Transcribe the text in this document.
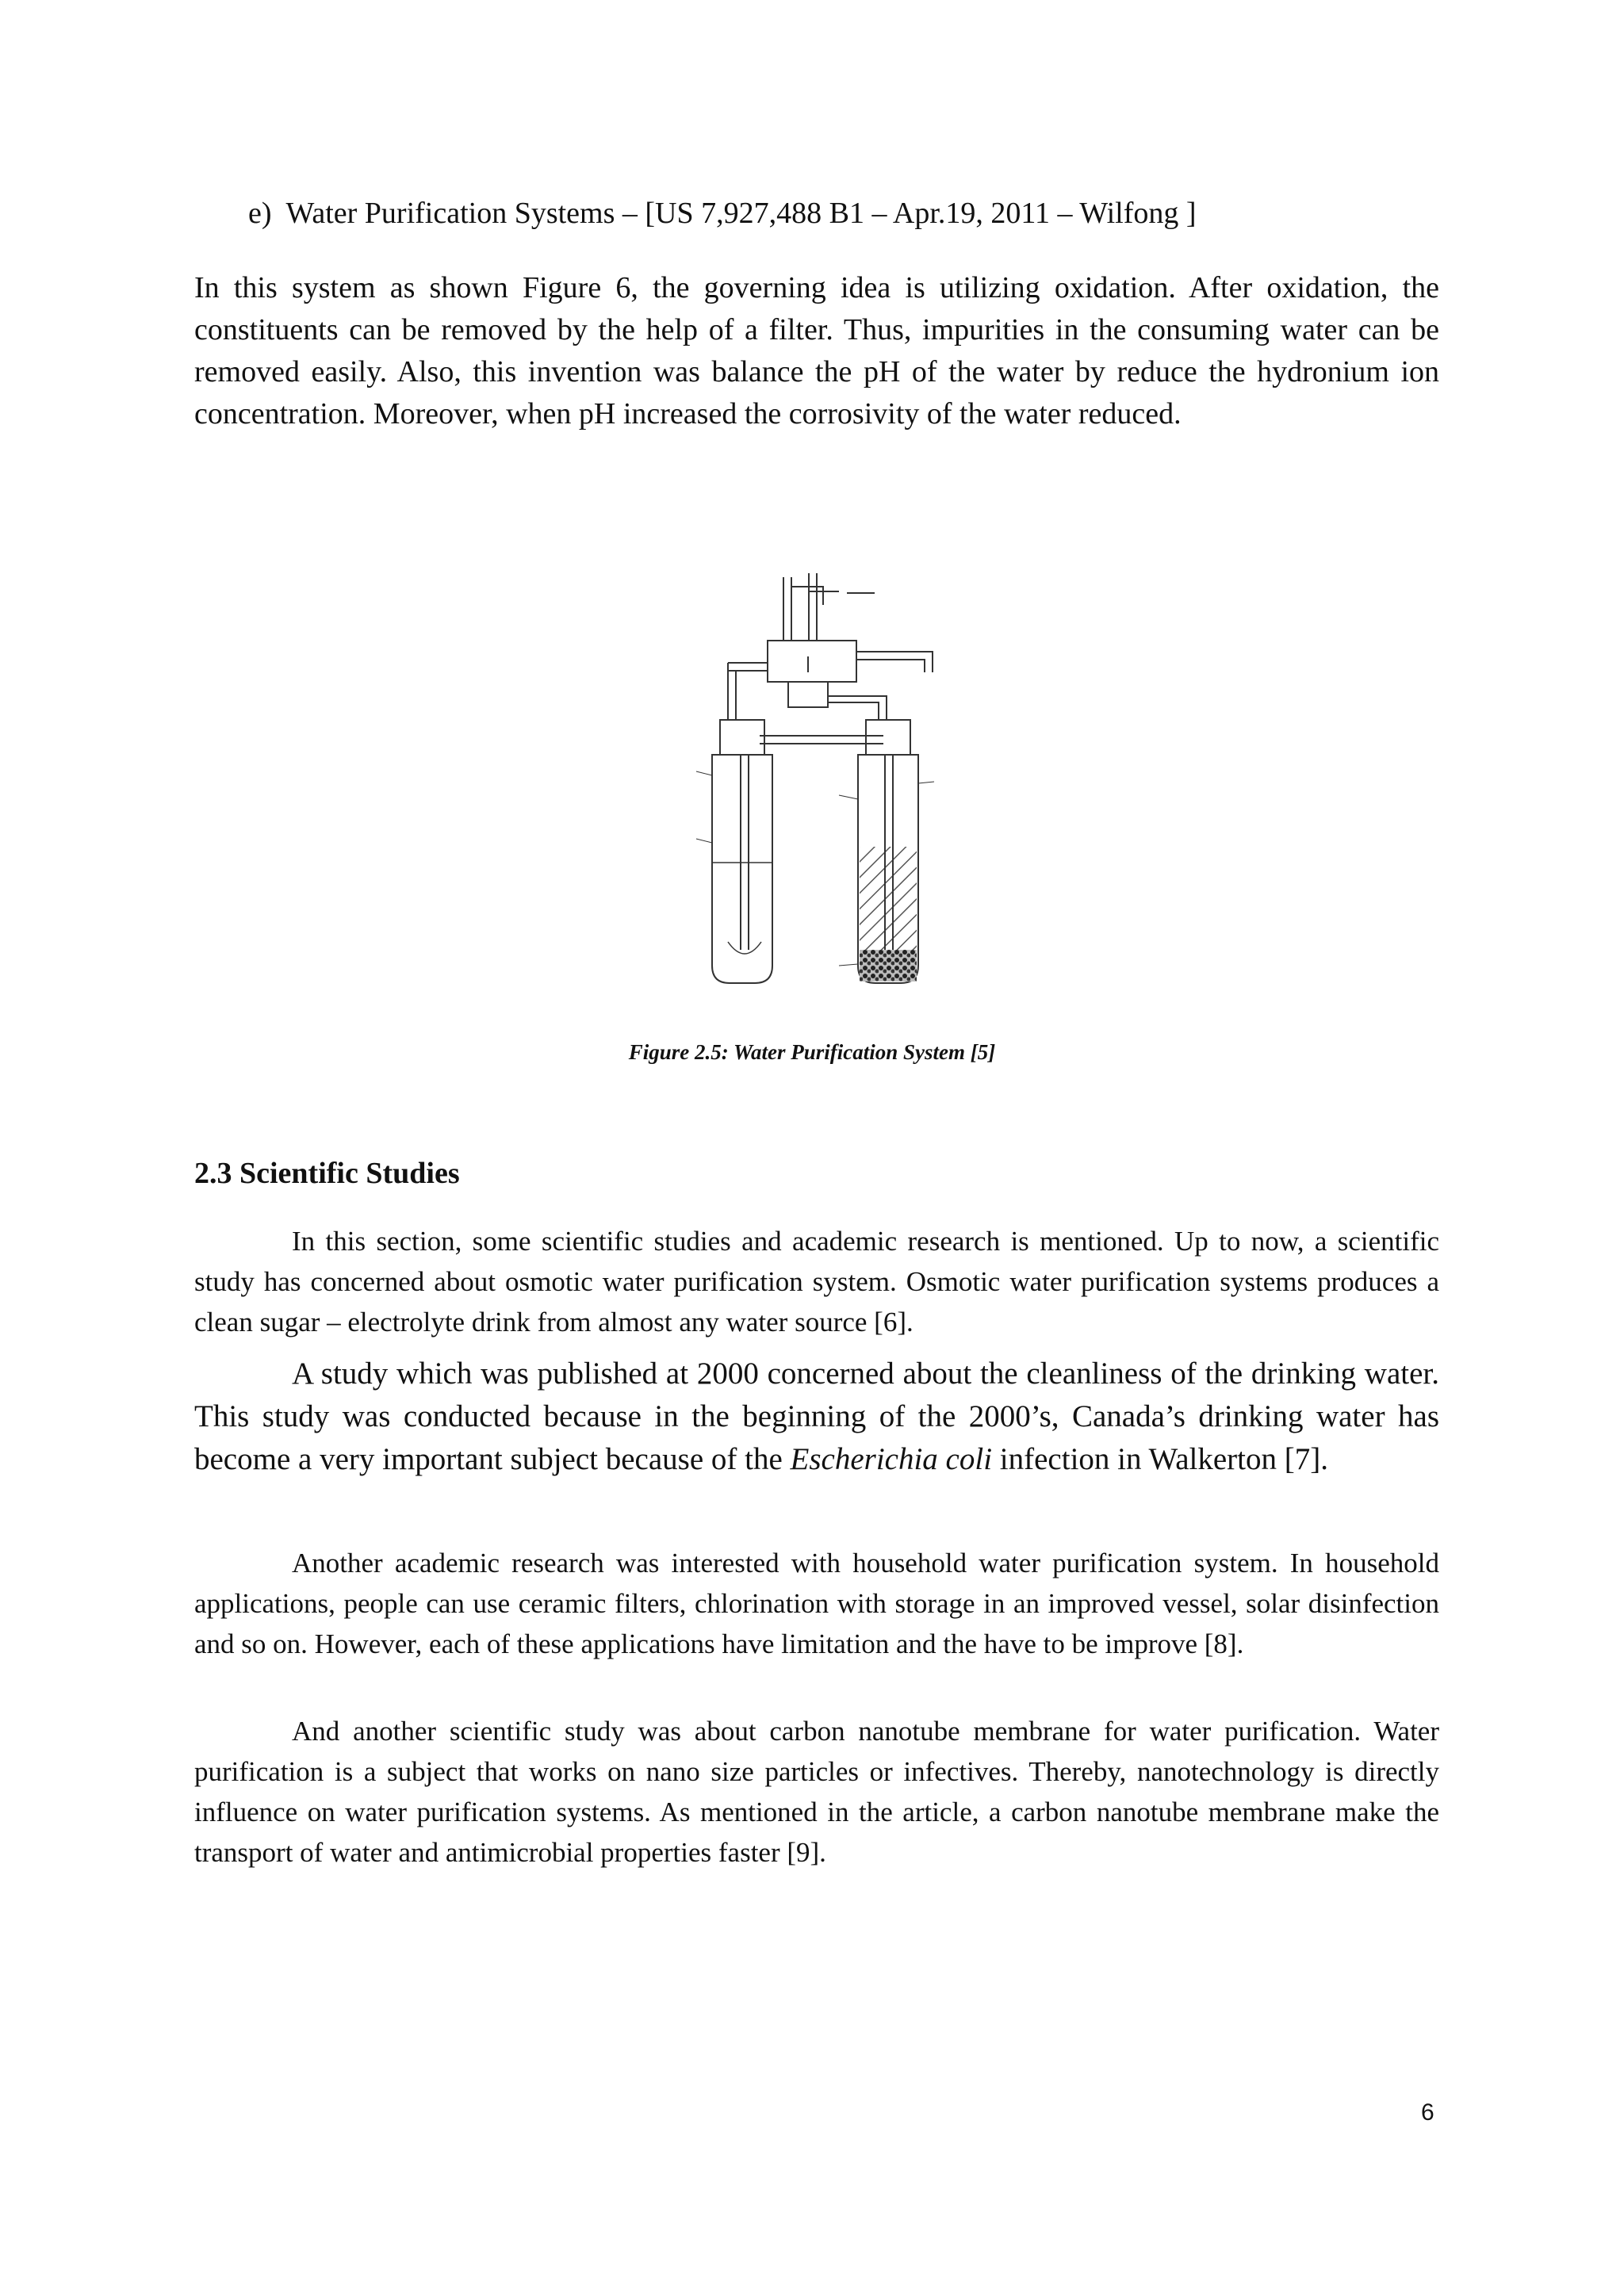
e) Water Purification Systems – [US 7,927,488 B1 – Apr.19, 2011 – Wilfong ]

In this system as shown Figure 6, the governing idea is utilizing oxidation. After oxidation, the constituents can be removed by the help of a filter. Thus, impurities in the consuming water can be removed easily. Also, this invention was balance the pH of the water by reduce the hydronium ion concentration. Moreover, when pH increased the corrosivity of the water reduced.

Figure 2.5: Water Purification System [5]
2.3 Scientific Studies

In this section, some scientific studies and academic research is mentioned. Up to now, a scientific study has concerned about osmotic water purification system. Osmotic water purification systems produces a clean sugar – electrolyte drink from almost any water source [6].

A study which was published at 2000 concerned about the cleanliness of the drinking water. This study was conducted because in the beginning of the 2000’s, Canada’s drinking water has become a very important subject because of the Escherichia coli infection in Walkerton [7].

Another academic research was interested with household water purification system. In household applications, people can use ceramic filters, chlorination with storage in an improved vessel, solar disinfection and so on. However, each of these applications have limitation and the have to be improve [8].

And another scientific study was about carbon nanotube membrane for water purification. Water purification is a subject that works on nano size particles or infectives. Thereby, nanotechnology is directly influence on water purification systems. As mentioned in the article, a carbon nanotube membrane make the transport of water and antimicrobial properties faster [9].

6
